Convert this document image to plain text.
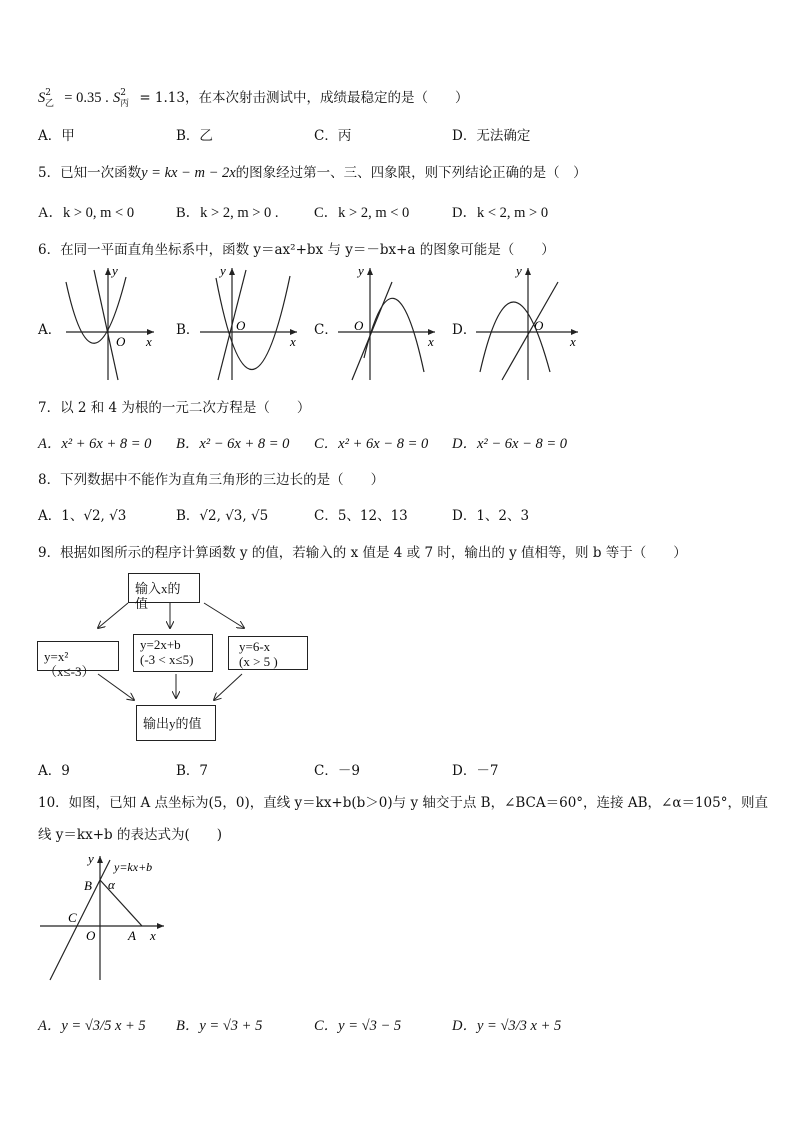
$S_{^2乙} = 0.35$ . $S_{^2丙} = 1.13$，在本次射击测试中，成绩最稳定的是（　　）
A．甲	B．乙	C．丙	D．无法确定
5．已知一次函数y = kx − m − 2x的图象经过第一、三、四象限，则下列结论正确的是（　）
A．k > 0, m < 0	B．k > 2, m > 0 . C．k > 2, m < 0	D．k < 2, m > 0
6．在同一平面直角坐标系中，函数 y＝ax²+bx 与 y＝－bx+a 的图象可能是（　　）
A．
y
x
O
B．
y
x
O	C．
y
x
O	D．
y
x
O
7．以 2 和 4 为根的一元二次方程是（　　）
A．x² + 6x + 8 = 0 B．x² − 6x + 8 = 0 C．x² + 6x − 8 = 0 D．x² − 6x − 8 = 0
8．下列数据中不能作为直角三角形的三边长的是（　　）
A．1、√2, √3	B．√2, √3, √5	C．5、12、13	D．1、2、3
9．根据如图所示的程序计算函数 y 的值，若输入的 x 值是 4 或 7 时，输出的 y 值相等，则 b 等于（　　）
输入x的值
y=x² （x≤-3）
y=2x+b
(-3 < x≤5)
y=6-x
(x > 5 )
输出y的值
A．9	B．7	C．－9	D．－7
10．如图，已知 A 点坐标为(5，0)，直线 y＝kx+b(b＞0)与 y 轴交于点 B，∠BCA＝60°，连接 AB，∠α＝105°，则直
线 y＝kx+b 的表达式为(　　)
y
y=kx+b
B α
C
O	A x
A．y = √3/5 x + 5 B．y = √3 + 5	C．y = √3 − 5	D．y = √3/3 x + 5
